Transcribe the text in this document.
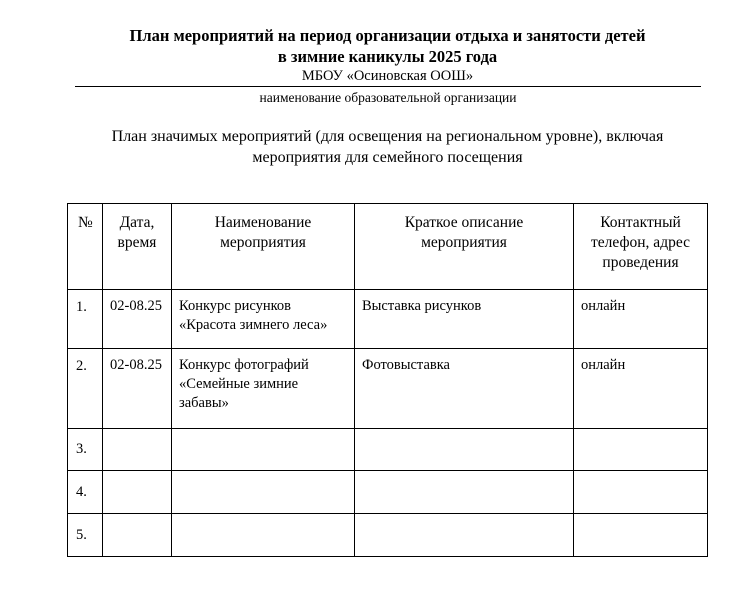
План мероприятий на период организации отдыха и занятости детей
в зимние каникулы 2025 года
МБОУ «Осиновская ООШ»
наименование образовательной организации
План значимых мероприятий (для освещения на региональном уровне), включая
мероприятия для семейного посещения
№	Дата, время	Наименование мероприятия	Краткое описание мероприятия	Контактный телефон, адрес проведения
1.	02-08.25	Конкурс рисунков «Красота зимнего леса»	Выставка рисунков	онлайн
2.	02-08.25	Конкурс фотографий «Семейные зимние забавы»	Фотовыставка	онлайн
3.				
4.				
5.				
